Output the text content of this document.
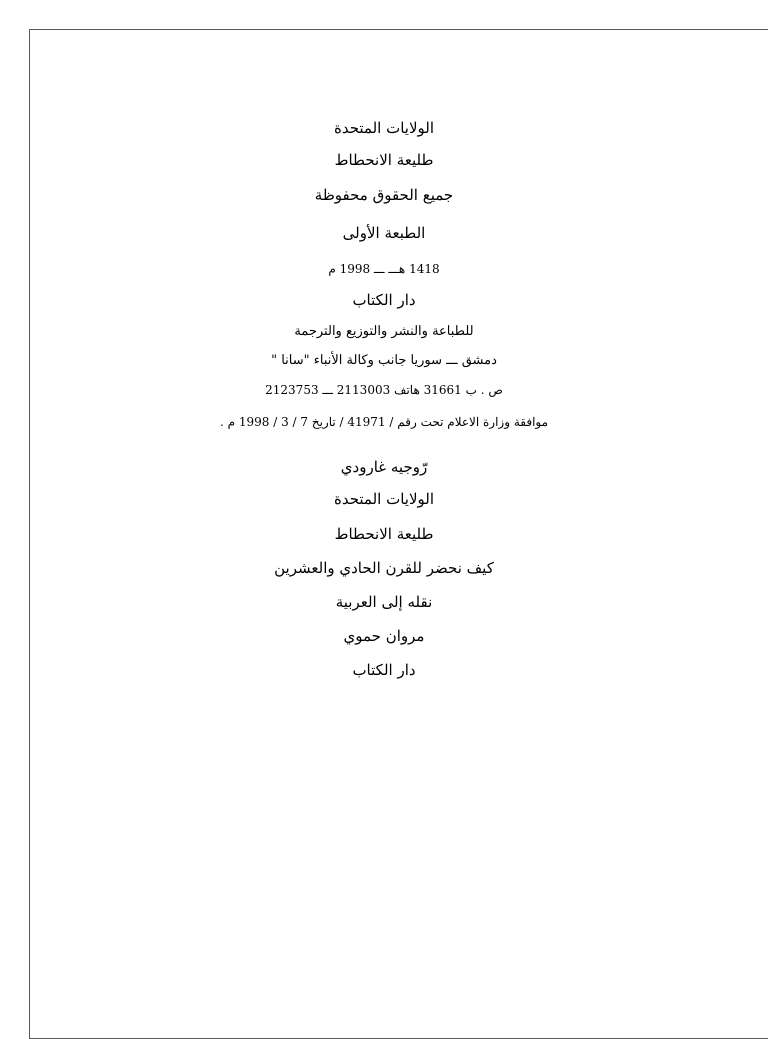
الولايات المتحدة
طليعة الانحطاط
جميع الحقوق محفوظة
الطبعة الأولى
1418 هـــ ـــ 1998 م
دار الكتاب
للطباعة والنشر والتوزيع والترجمة
دمشق ـــ سوريا جانب وكالة الأنباء "سانا "
ص . ب 31661 هاتف 2113003 ـــ 2123753
موافقة وزارة الاعلام تحت رقم / 41971 / تاريخ 7 / 3 / 1998 م .
رّوجيه غارودي
الولايات المتحدة
طليعة الانحطاط
كيف نحضر للقرن الحادي والعشرين
نقله إلى العربية
مروان حموي
دار الكتاب
